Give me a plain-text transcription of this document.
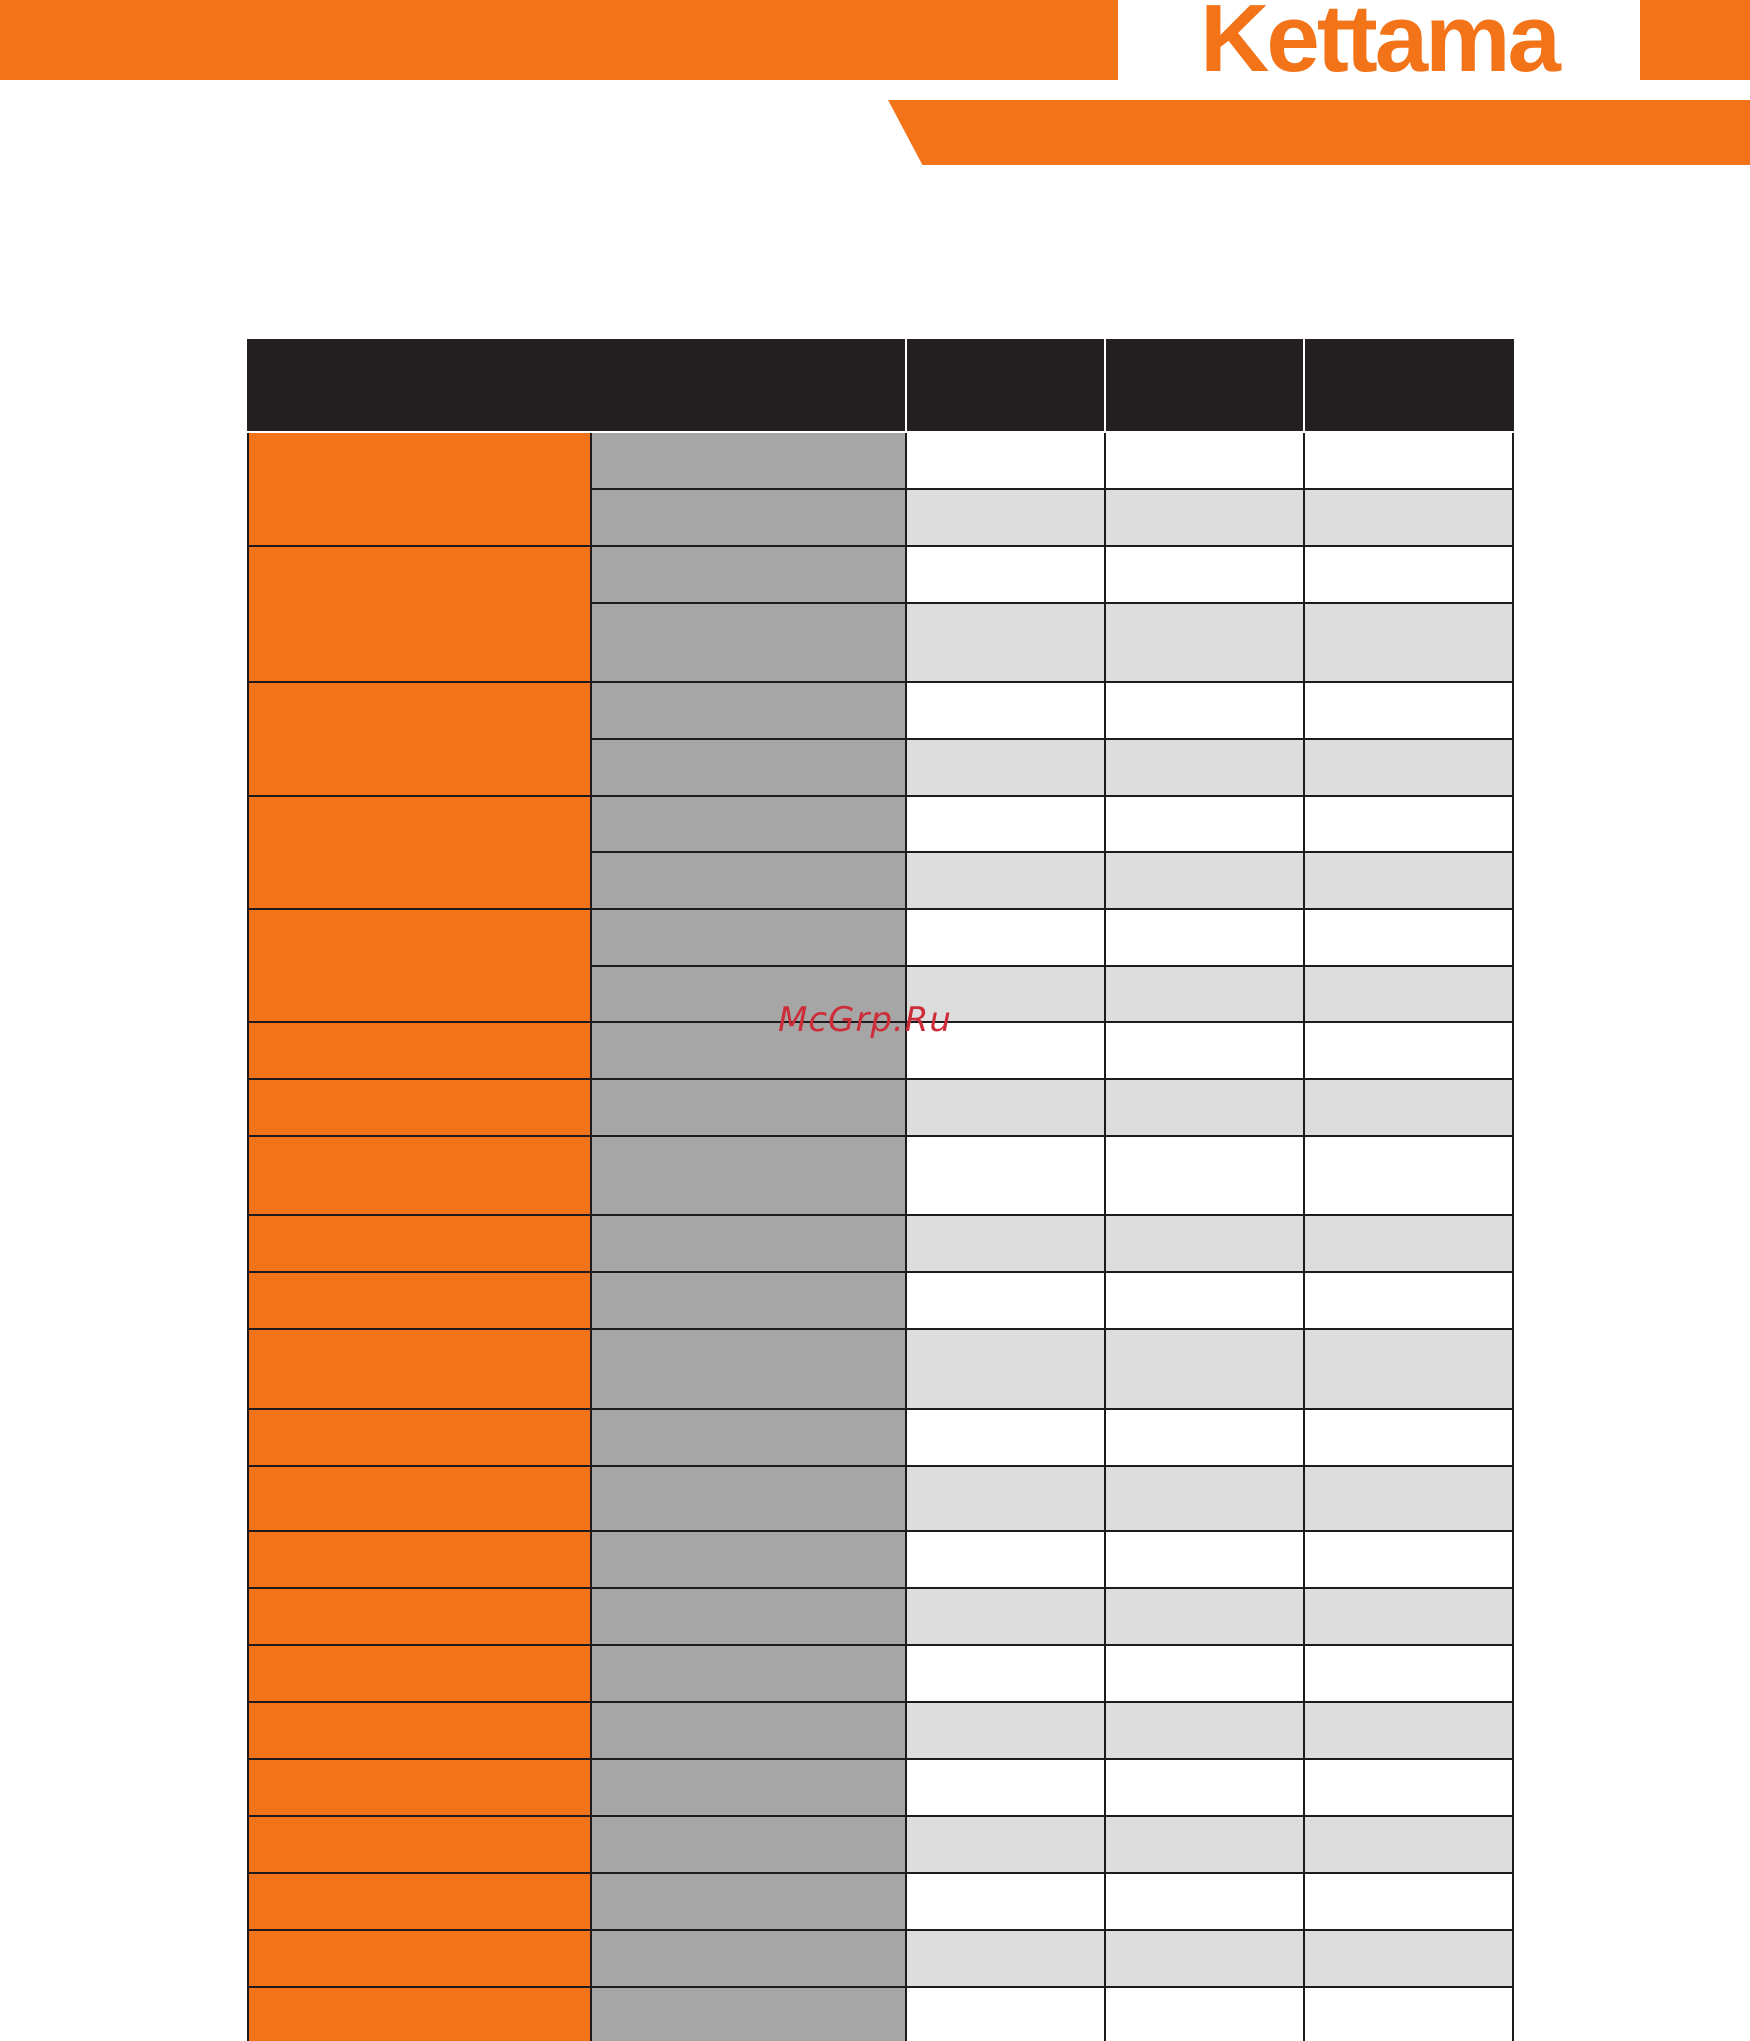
Kettama

McGrp.Ru
